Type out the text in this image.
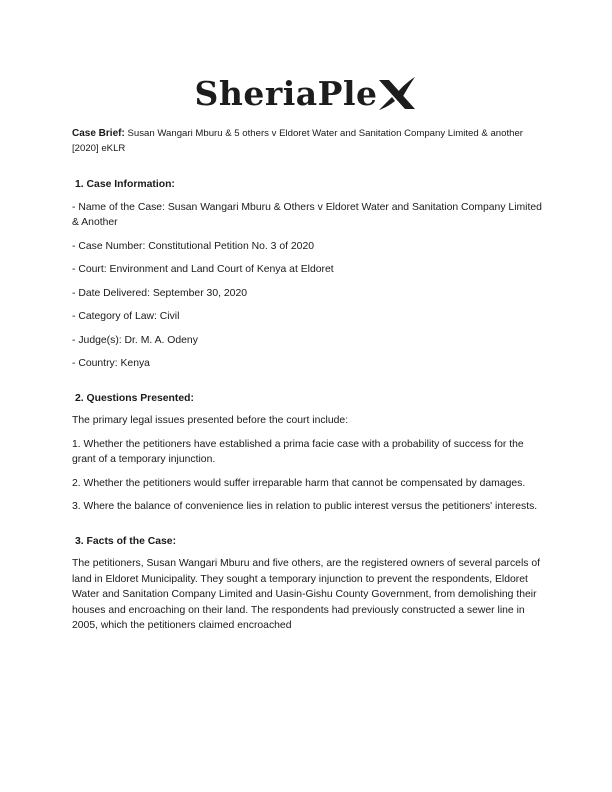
SheriaPle

Case Brief: Susan Wangari Mburu & 5 others v Eldoret Water and Sanitation Company Limited & another [2020] eKLR

1. Case Information:

- Name of the Case: Susan Wangari Mburu & Others v Eldoret Water and Sanitation Company Limited & Another

- Case Number: Constitutional Petition No. 3 of 2020

- Court: Environment and Land Court of Kenya at Eldoret

- Date Delivered: September 30, 2020

- Category of Law: Civil

- Judge(s): Dr. M. A. Odeny

- Country: Kenya

2. Questions Presented:

The primary legal issues presented before the court include:

1. Whether the petitioners have established a prima facie case with a probability of success for the grant of a temporary injunction.

2. Whether the petitioners would suffer irreparable harm that cannot be compensated by damages.

3. Where the balance of convenience lies in relation to public interest versus the petitioners' interests.

3. Facts of the Case:

The petitioners, Susan Wangari Mburu and five others, are the registered owners of several parcels of land in Eldoret Municipality. They sought a temporary injunction to prevent the respondents, Eldoret Water and Sanitation Company Limited and Uasin-Gishu County Government, from demolishing their houses and encroaching on their land. The respondents had previously constructed a sewer line in 2005, which the petitioners claimed encroached
